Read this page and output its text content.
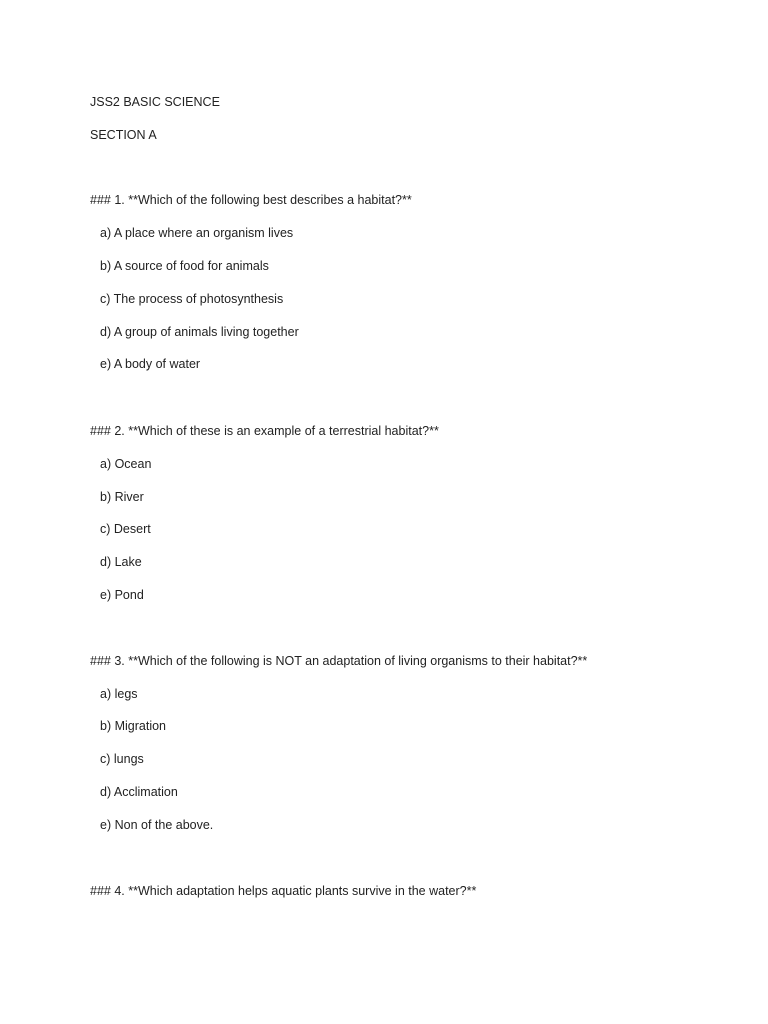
JSS2 BASIC SCIENCE
SECTION A
### 1. **Which of the following best describes a habitat?**
a) A place where an organism lives
b) A source of food for animals
c) The process of photosynthesis
d) A group of animals living together
e) A body of water
### 2. **Which of these is an example of a terrestrial habitat?**
a) Ocean
b) River
c) Desert
d) Lake
e) Pond
### 3. **Which of the following is NOT an adaptation of living organisms to their habitat?**
a) legs
b) Migration
c) lungs
d) Acclimation
e) Non of the above.
### 4. **Which adaptation helps aquatic plants survive in the water?**
